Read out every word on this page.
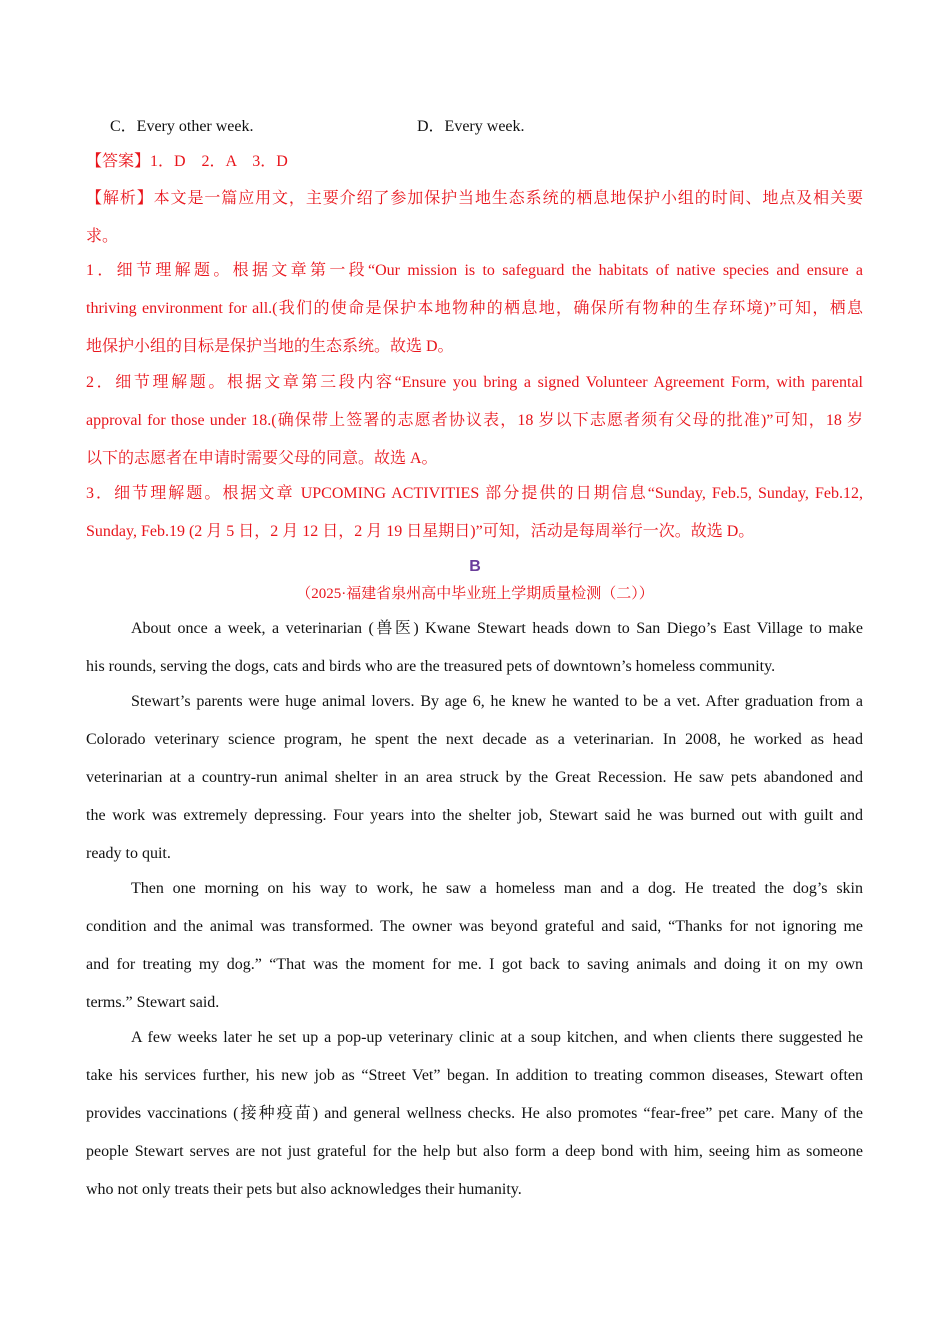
C．Every other week.	D．Every week.
【答案】1．D　2．A　3．D
【解析】本文是一篇应用文，主要介绍了参加保护当地生态系统的栖息地保护小组的时间、地点及相关要
求。
1．细节理解题。根据文章第一段“Our mission is to safeguard the habitats of native species and ensure a
thriving environment for all.(我们的使命是保护本地物种的栖息地，确保所有物种的生存环境)”可知，栖息
地保护小组的目标是保护当地的生态系统。故选 D。
2．细节理解题。根据文章第三段内容“Ensure you bring a signed Volunteer Agreement Form, with parental
approval for those under 18.(确保带上签署的志愿者协议表，18 岁以下志愿者须有父母的批准)”可知，18 岁
以下的志愿者在申请时需要父母的同意。故选 A。
3．细节理解题。根据文章 UPCOMING ACTIVITIES 部分提供的日期信息“Sunday, Feb.5, Sunday, Feb.12,
Sunday, Feb.19 (2 月 5 日，2 月 12 日，2 月 19 日星期日)”可知，活动是每周举行一次。故选 D。
B
（2025·福建省泉州高中毕业班上学期质量检测（二））
About once a week, a veterinarian (兽医) Kwane Stewart heads down to San Diego’s East Village to make
his rounds, serving the dogs, cats and birds who are the treasured pets of downtown’s homeless community.
Stewart’s parents were huge animal lovers. By age 6, he knew he wanted to be a vet. After graduation from a
Colorado veterinary science program, he spent the next decade as a veterinarian. In 2008, he worked as head
veterinarian at a country-run animal shelter in an area struck by the Great Recession. He saw pets abandoned and
the work was extremely depressing. Four years into the shelter job, Stewart said he was burned out with guilt and
ready to quit.
Then one morning on his way to work, he saw a homeless man and a dog. He treated the dog’s skin
condition and the animal was transformed. The owner was beyond grateful and said, “Thanks for not ignoring me
and for treating my dog.” “That was the moment for me. I got back to saving animals and doing it on my own
terms.” Stewart said.
A few weeks later he set up a pop-up veterinary clinic at a soup kitchen, and when clients there suggested he
take his services further, his new job as “Street Vet” began. In addition to treating common diseases, Stewart often
provides vaccinations (接种疫苗) and general wellness checks. He also promotes “fear-free” pet care. Many of the
people Stewart serves are not just grateful for the help but also form a deep bond with him, seeing him as someone
who not only treats their pets but also acknowledges their humanity.
